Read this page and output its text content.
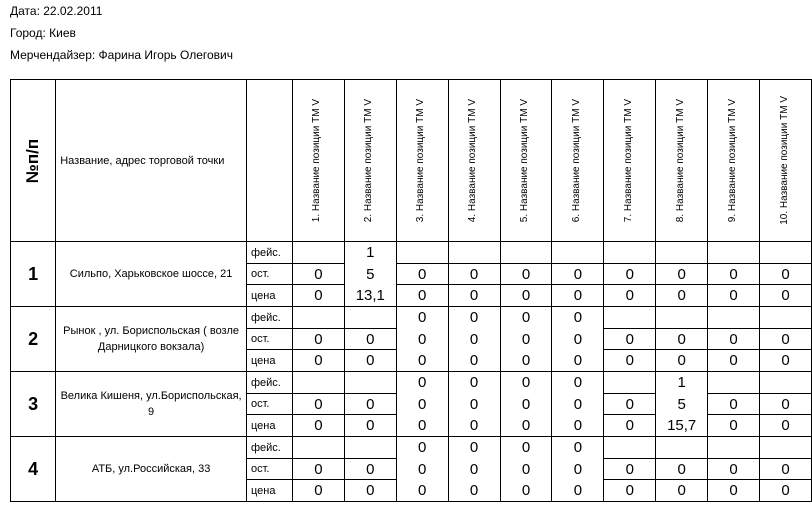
Дата: 22.02.2011
Город: Киев
Мерчендайзер: Фарина Игорь Олегович
№п/п	Название, адрес торговой точки		1. Название позиции ТМ V	2. Название позиции ТМ V	3. Название позиции ТМ V	4. Название позиции ТМ V	5. Название позиции ТМ V	6. Название позиции ТМ V	7. Название позиции ТМ V	8. Название позиции ТМ V	9. Название позиции ТМ V	10. Название позиции ТМ V

1	Сильпо, Харьковское шоссе, 21	фейс.		1								
		ост.	0	5	0	0	0	0	0	0	0	0
		цена	0	13,1	0	0	0	0	0	0	0	0
2	Рынок , ул. Бориспольская ( возле Дарницкого вокзала)	фейс.			0	0	0	0				
		ост.	0	0	0	0	0	0	0	0	0	0
		цена	0	0	0	0	0	0	0	0	0	0
3	Велика Кишеня, ул.Бориспольская, 9	фейс.			0	0	0	0		1		
		ост.	0	0	0	0	0	0	0	5	0	0
		цена	0	0	0	0	0	0	0	15,7	0	0
4	АТБ, ул.Российская, 33	фейс.			0	0	0	0				
		ост.	0	0	0	0	0	0	0	0	0	0
		цена	0	0	0	0	0	0	0	0	0	0
